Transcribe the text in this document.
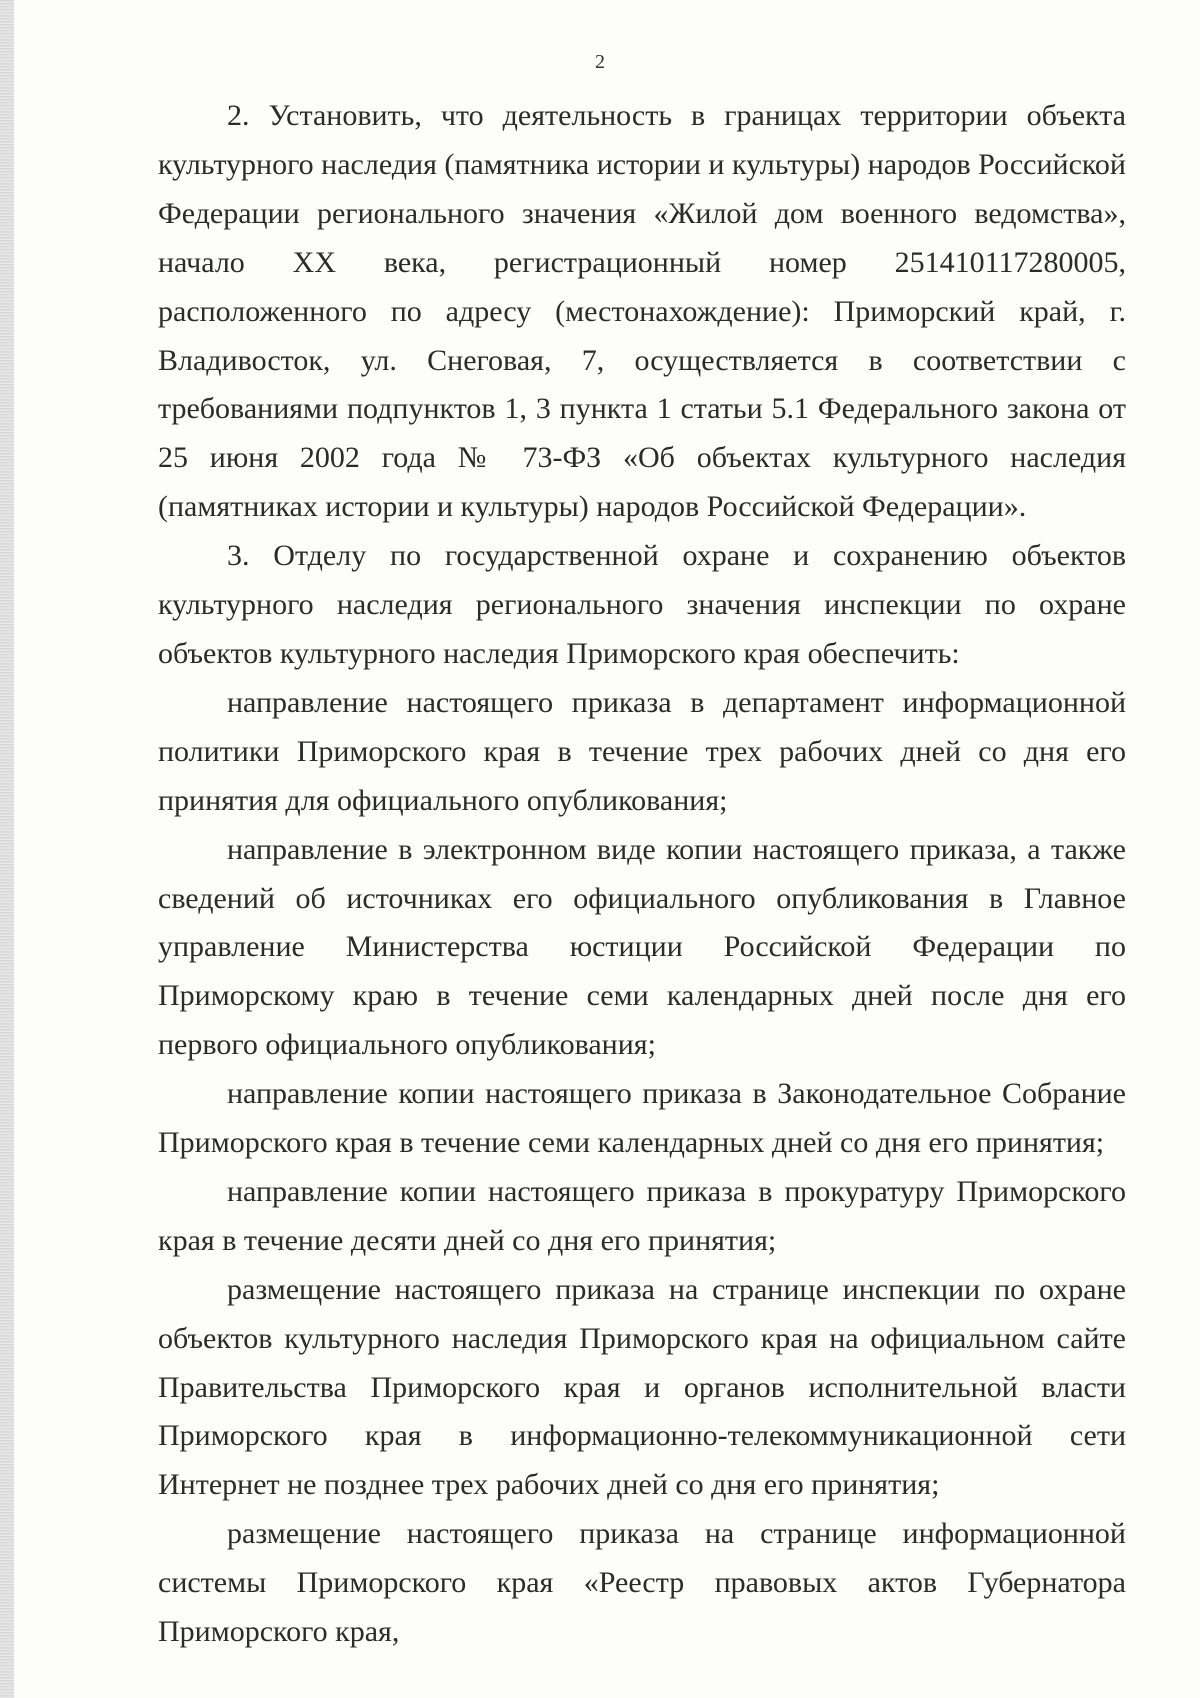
2

2. Установить, что деятельность в границах территории объекта культурного наследия (памятника истории и культуры) народов Российской Федерации регионального значения «Жилой дом военного ведомства», начало XX века, регистрационный номер 251410117280005, расположенного по адресу (местонахождение): Приморский край, г. Владивосток, ул. Снеговая, 7, осуществляется в соответствии с требованиями подпунктов 1, 3 пункта 1 статьи 5.1 Федерального закона от 25 июня 2002 года № 73-ФЗ «Об объектах культурного наследия (памятниках истории и культуры) народов Российской Федерации».

3. Отделу по государственной охране и сохранению объектов культурного наследия регионального значения инспекции по охране объектов культурного наследия Приморского края обеспечить:

направление настоящего приказа в департамент информационной политики Приморского края в течение трех рабочих дней со дня его принятия для официального опубликования;

направление в электронном виде копии настоящего приказа, а также сведений об источниках его официального опубликования в Главное управление Министерства юстиции Российской Федерации по Приморскому краю в течение семи календарных дней после дня его первого официального опубликования;

направление копии настоящего приказа в Законодательное Собрание Приморского края в течение семи календарных дней со дня его принятия;

направление копии настоящего приказа в прокуратуру Приморского края в течение десяти дней со дня его принятия;

размещение настоящего приказа на странице инспекции по охране объектов культурного наследия Приморского края на официальном сайте Правительства Приморского края и органов исполнительной власти Приморского края в информационно-телекоммуникационной сети Интернет не позднее трех рабочих дней со дня его принятия;

размещение настоящего приказа на странице информационной системы Приморского края «Реестр правовых актов Губернатора Приморского края,
